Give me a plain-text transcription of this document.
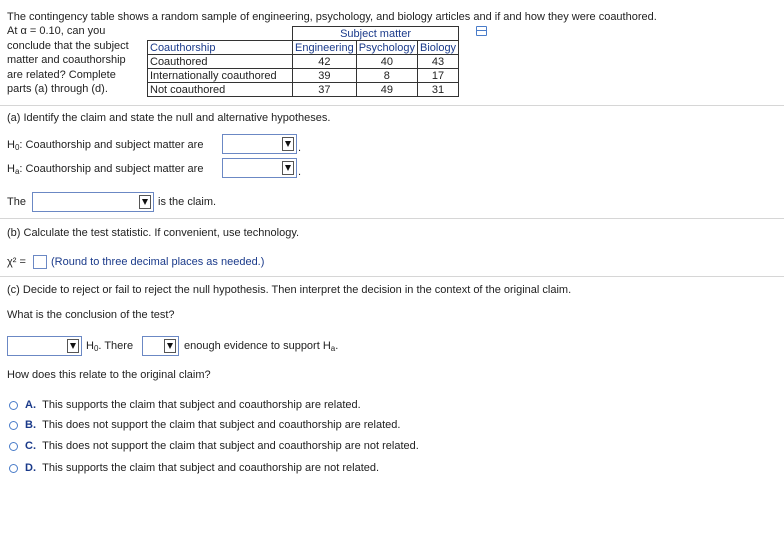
The contingency table shows a random sample of engineering, psychology, and biology articles and if and how they were coauthored.
At α = 0.10, can you
conclude that the subject
matter and coauthorship
are related? Complete
parts (a) through (d).
	Subject matter		
Coauthorship	Engineering	Psychology	Biology
Coauthored	42	40	43
Internationally coauthored	39	8	17
Not coauthored	37	49	31
(a) Identify the claim and state the null and alternative hypotheses.
$H_0$: Coauthorship and subject matter are	.
$H_a$: Coauthorship and subject matter are	.
The	is the claim.
(b) Calculate the test statistic. If convenient, use technology.
χ² = (Round to three decimal places as needed.)
(c) Decide to reject or fail to reject the null hypothesis. Then interpret the decision in the context of the original claim.
What is the conclusion of the test?
$H_0$. There	enough evidence to support $H_a$.
How does this relate to the original claim?
A. This supports the claim that subject and coauthorship are related.
B. This does not support the claim that subject and coauthorship are related.
C. This does not support the claim that subject and coauthorship are not related.
D. This supports the claim that subject and coauthorship are not related.
